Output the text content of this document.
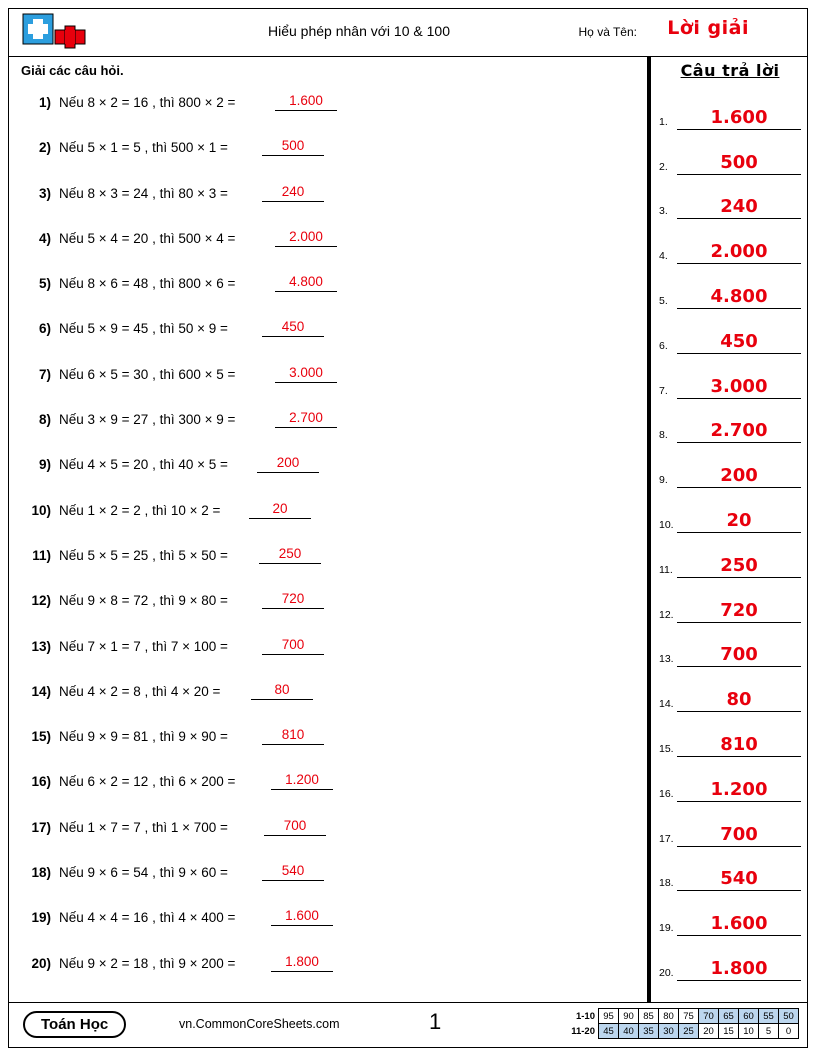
Hiểu phép nhân với 10 & 100	Họ và Tên: Lời giải
Giải các câu hỏi.
1) Nếu 8 × 2 = 16 , thì 800 × 2 =	1.600
2) Nếu 5 × 1 = 5 , thì 500 × 1 =	500
3) Nếu 8 × 3 = 24 , thì 80 × 3 =	240
4) Nếu 5 × 4 = 20 , thì 500 × 4 =	2.000
5) Nếu 8 × 6 = 48 , thì 800 × 6 =	4.800
6) Nếu 5 × 9 = 45 , thì 50 × 9 =	450
7) Nếu 6 × 5 = 30 , thì 600 × 5 =	3.000
8) Nếu 3 × 9 = 27 , thì 300 × 9 =	2.700
9) Nếu 4 × 5 = 20 , thì 40 × 5 =	200
10) Nếu 1 × 2 = 2 , thì 10 × 2 =	20
11) Nếu 5 × 5 = 25 , thì 5 × 50 =	250
12) Nếu 9 × 8 = 72 , thì 9 × 80 =	720
13) Nếu 7 × 1 = 7 , thì 7 × 100 =	700
14) Nếu 4 × 2 = 8 , thì 4 × 20 =	80
15) Nếu 9 × 9 = 81 , thì 9 × 90 =	810
16) Nếu 6 × 2 = 12 , thì 6 × 200 =	1.200
17) Nếu 1 × 7 = 7 , thì 1 × 700 =	700
18) Nếu 9 × 6 = 54 , thì 9 × 60 =	540
19) Nếu 4 × 4 = 16 , thì 4 × 400 =	1.600
20) Nếu 9 × 2 = 18 , thì 9 × 200 =	1.800
Câu trả lời
1.	1.600
2.	500
3.	240
4.	2.000
5.	4.800
6.	450
7.	3.000
8.	2.700
9.	200
10.	20
11.	250
12.	720
13.	700
14.	80
15.	810
16.	1.200
17.	700
18.	540
19.	1.600
20.	1.800
Toán Học	vn.CommonCoreSheets.com	1	1-10	95	90	85	80	75	70	65	60	55	50
11-20	45	40	35	30	25	20	15	10	5	0
